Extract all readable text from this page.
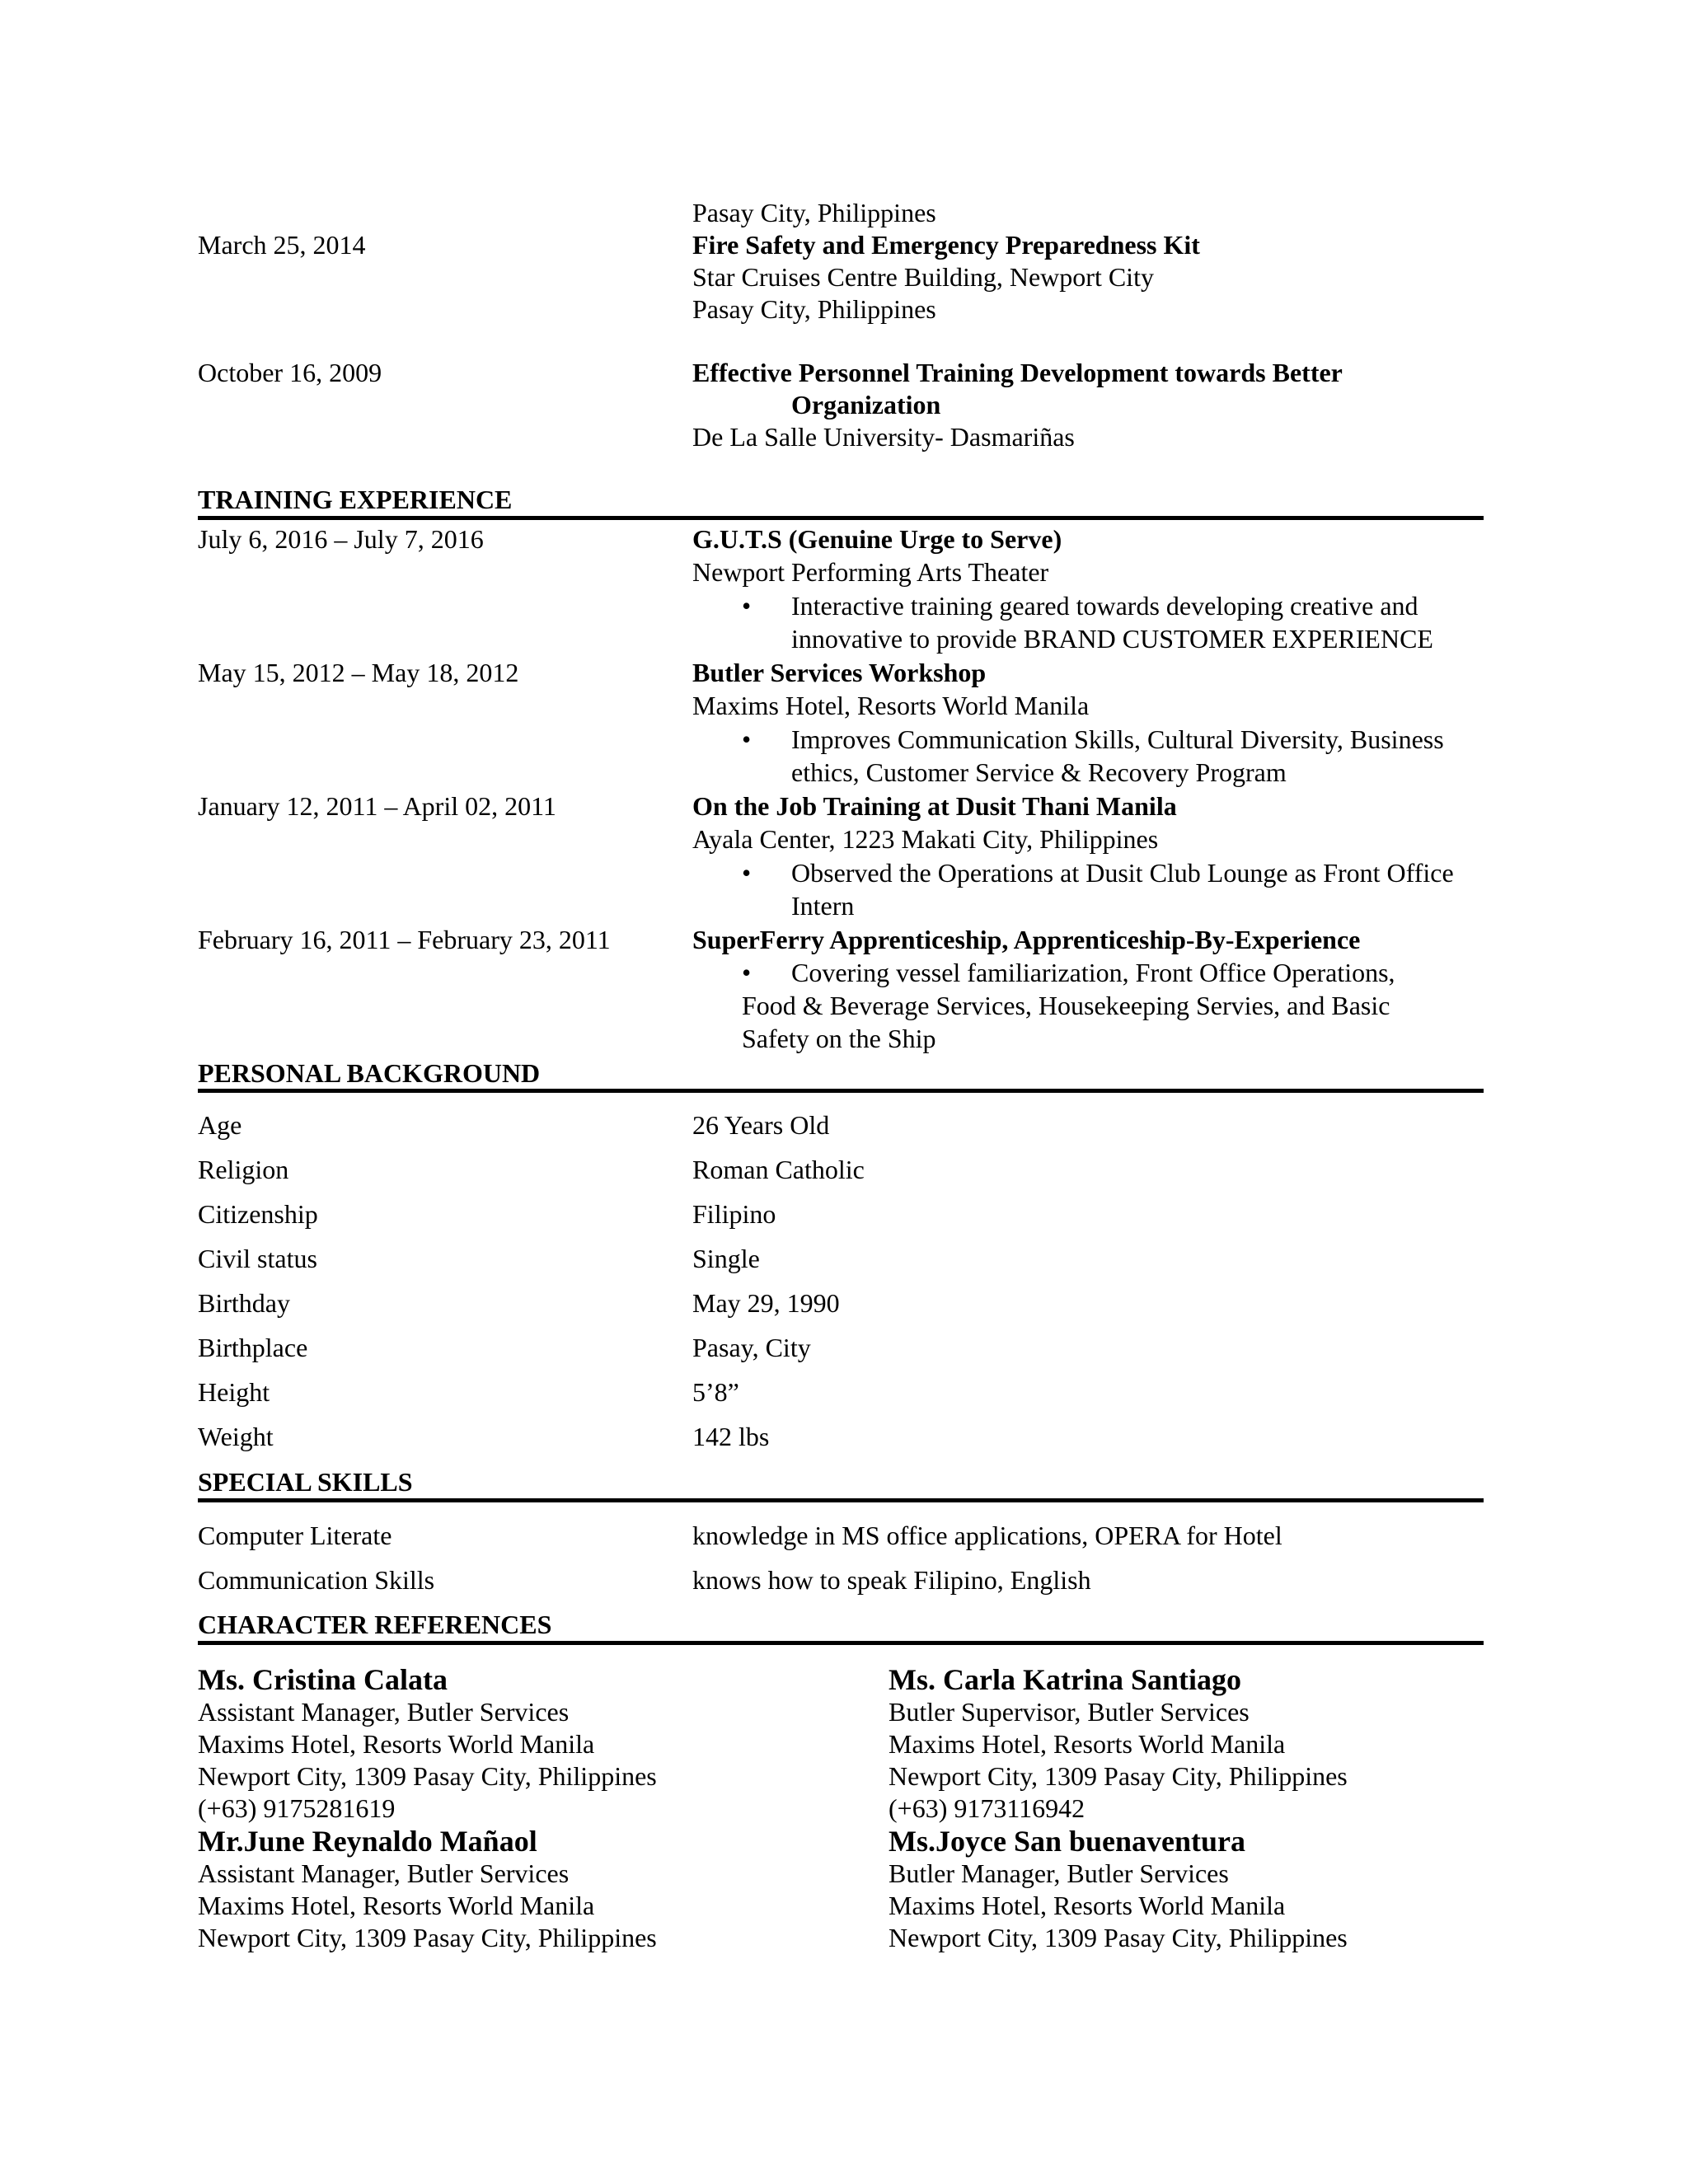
Pasay City, Philippines
March 25, 2014	Fire Safety and Emergency Preparedness Kit
Star Cruises Centre Building, Newport City
Pasay City, Philippines
October 16, 2009	Effective Personnel Training Development towards Better
Organization
De La Salle University- Dasmariñas
TRAINING EXPERIENCE
July 6, 2016 – July 7, 2016	G.U.T.S (Genuine Urge to Serve)
Newport Performing Arts Theater
• Interactive training geared towards developing creative and
innovative to provide BRAND CUSTOMER EXPERIENCE
May 15, 2012 – May 18, 2012	Butler Services Workshop
Maxims Hotel, Resorts World Manila
• Improves Communication Skills, Cultural Diversity, Business
ethics, Customer Service & Recovery Program
January 12, 2011 – April 02, 2011	On the Job Training at Dusit Thani Manila
Ayala Center, 1223 Makati City, Philippines
• Observed the Operations at Dusit Club Lounge as Front Office
Intern
February 16, 2011 – February 23, 2011	SuperFerry Apprenticeship, Apprenticeship-By-Experience
• Covering vessel familiarization, Front Office Operations,
Food & Beverage Services, Housekeeping Servies, and Basic
Safety on the Ship
PERSONAL BACKGROUND
Age	26 Years Old
Religion	Roman Catholic
Citizenship	Filipino
Civil status	Single
Birthday	May 29, 1990
Birthplace	Pasay, City
Height	5’8”
Weight	142 lbs
SPECIAL SKILLS
Computer Literate	knowledge in MS office applications, OPERA for Hotel
Communication Skills	knows how to speak Filipino, English
CHARACTER REFERENCES
Ms. Cristina Calata
Assistant Manager, Butler Services
Maxims Hotel, Resorts World Manila
Newport City, 1309 Pasay City, Philippines
(+63) 9175281619
Ms. Carla Katrina Santiago
Butler Supervisor, Butler Services
Maxims Hotel, Resorts World Manila
Newport City, 1309 Pasay City, Philippines
(+63) 9173116942
Mr.June Reynaldo Mañaol
Assistant Manager, Butler Services
Maxims Hotel, Resorts World Manila
Newport City, 1309 Pasay City, Philippines
Ms.Joyce San buenaventura
Butler Manager, Butler Services
Maxims Hotel, Resorts World Manila
Newport City, 1309 Pasay City, Philippines
